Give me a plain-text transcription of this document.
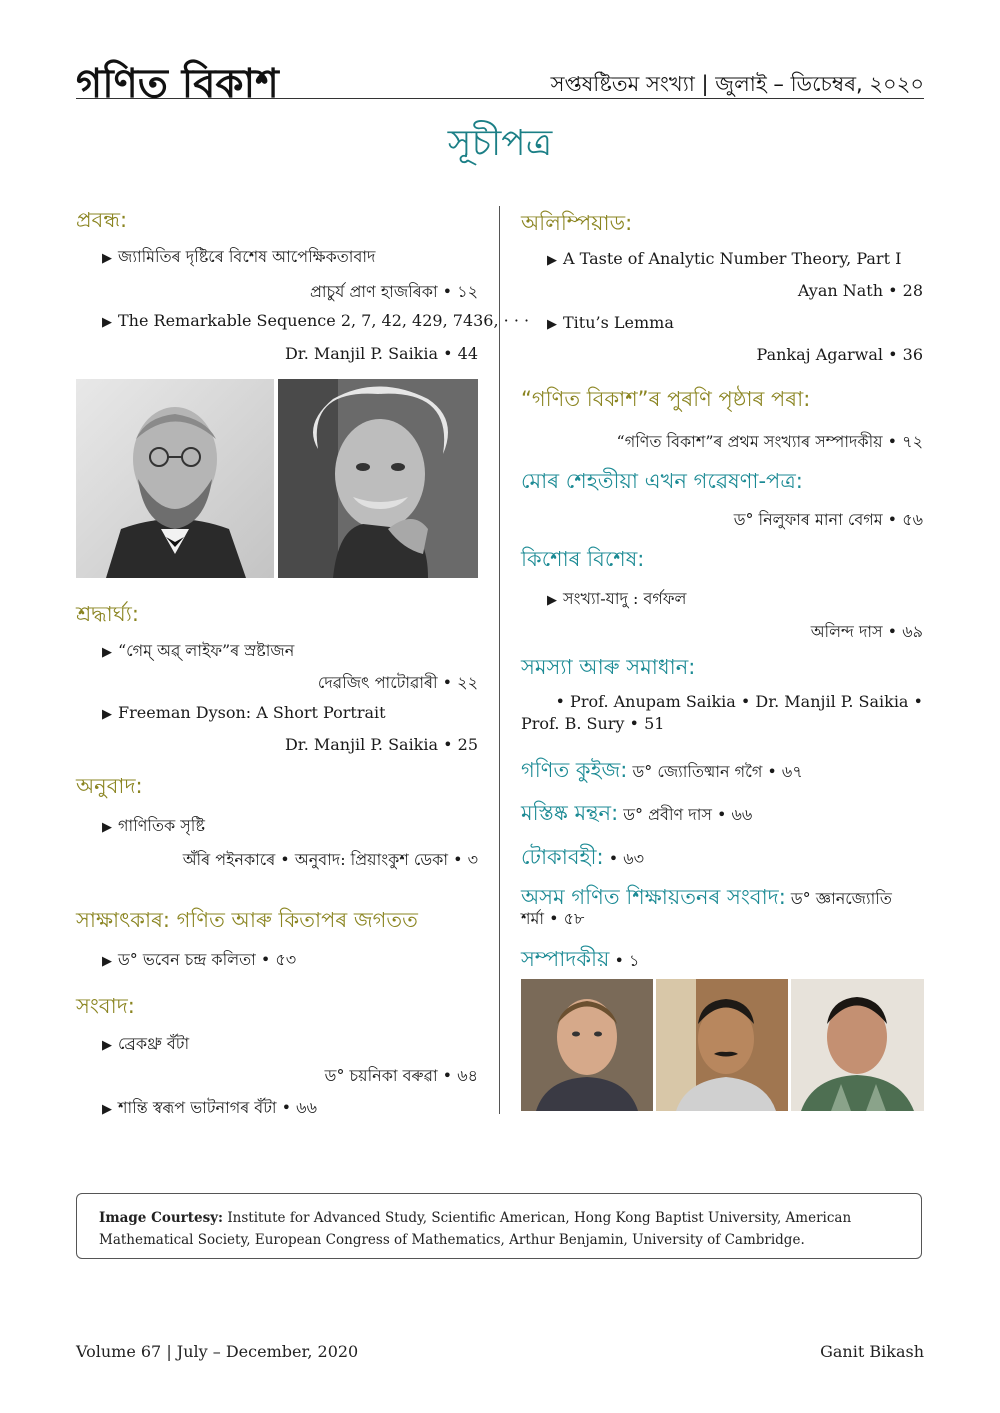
গণিত বিকাশ	সপ্তষষ্টিতম সংখ্যা | জুলাই – ডিচেম্বৰ, ২০২০
সূচীপত্ৰ
প্ৰবন্ধ:
▶ জ্যামিতিৰ দৃষ্টিৰে বিশেষ আপেক্ষিকতাবাদ
প্ৰাচুৰ্য প্ৰাণ হাজৰিকা • ১২
▶ The Remarkable Sequence 2, 7, 42, 429, 7436, · · ·
Dr. Manjil P. Saikia • 44
শ্ৰদ্ধাৰ্ঘ্য:
▶ “গেম্ অৱ্ লাইফ”ৰ স্ৰষ্টাজন
দেৱজিৎ পাটোৱাৰী • ২২
▶ Freeman Dyson: A Short Portrait
Dr. Manjil P. Saikia • 25
অনুবাদ:
▶ গাণিতিক সৃষ্টি
অঁৰি পইনকাৰে • অনুবাদ: প্ৰিয়াংকুশ ডেকা • ৩
সাক্ষাৎকাৰ: গণিত আৰু কিতাপৰ জগতত
▶ ড° ভবেন চন্দ্ৰ কলিতা • ৫৩
সংবাদ:
▶ ব্ৰেকথ্ৰু বঁটা
ড° চয়নিকা বৰুৱা • ৬৪
▶ শান্তি স্বৰূপ ভাটনাগৰ বঁটা • ৬৬
অলিম্পিয়াড:
▶ A Taste of Analytic Number Theory, Part I
Ayan Nath • 28
▶ Titu’s Lemma
Pankaj Agarwal • 36
“গণিত বিকাশ”ৰ পুৰণি পৃষ্ঠাৰ পৰা:
“গণিত বিকাশ”ৰ প্ৰথম সংখ্যাৰ সম্পাদকীয় • ৭২
মোৰ শেহতীয়া এখন গৱেষণা-পত্ৰ:
ড° নিলুফাৰ মানা বেগম • ৫৬
কিশোৰ বিশেষ:
▶ সংখ্যা-যাদু : বৰ্গফল
অলিন্দ দাস • ৬৯
সমস্যা আৰু সমাধান:
• Prof. Anupam Saikia • Dr. Manjil P. Saikia •
Prof. B. Sury • 51
গণিত কুইজ: ড° জ্যোতিষ্মান গগৈ • ৬৭
মস্তিষ্ক মন্থন: ড° প্ৰবীণ দাস • ৬৬
টোকাবহী: • ৬৩
অসম গণিত শিক্ষায়তনৰ সংবাদ: ড° জ্ঞানজ্যোতি
শৰ্মা • ৫৮
সম্পাদকীয় • ১
Image Courtesy: Institute for Advanced Study, Scientific American, Hong Kong Baptist University, American Mathematical Society, European Congress of Mathematics, Arthur Benjamin, University of Cambridge.
Volume 67 | July – December, 2020	Ganit Bikash
